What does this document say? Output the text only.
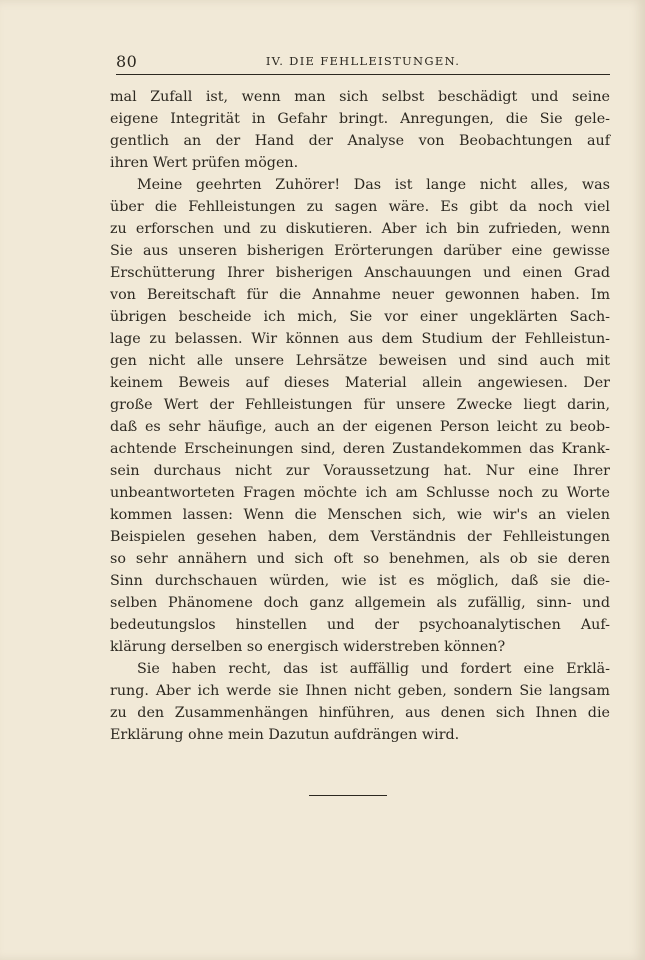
80	IV. DIE FEHLLEISTUNGEN.
mal Zufall ist, wenn man sich selbst beschädigt und seine
eigene Integrität in Gefahr bringt. Anregungen, die Sie gele-
gentlich an der Hand der Analyse von Beobachtungen auf
ihren Wert prüfen mögen.
Meine geehrten Zuhörer! Das ist lange nicht alles, was
über die Fehlleistungen zu sagen wäre. Es gibt da noch viel
zu erforschen und zu diskutieren. Aber ich bin zufrieden, wenn
Sie aus unseren bisherigen Erörterungen darüber eine gewisse
Erschütterung Ihrer bisherigen Anschauungen und einen Grad
von Bereitschaft für die Annahme neuer gewonnen haben. Im
übrigen bescheide ich mich, Sie vor einer ungeklärten Sach-
lage zu belassen. Wir können aus dem Studium der Fehlleistun-
gen nicht alle unsere Lehrsätze beweisen und sind auch mit
keinem Beweis auf dieses Material allein angewiesen. Der
große Wert der Fehlleistungen für unsere Zwecke liegt darin,
daß es sehr häufige, auch an der eigenen Person leicht zu beob-
achtende Erscheinungen sind, deren Zustandekommen das Krank-
sein durchaus nicht zur Voraussetzung hat. Nur eine Ihrer
unbeantworteten Fragen möchte ich am Schlusse noch zu Worte
kommen lassen: Wenn die Menschen sich, wie wir's an vielen
Beispielen gesehen haben, dem Verständnis der Fehlleistungen
so sehr annähern und sich oft so benehmen, als ob sie deren
Sinn durchschauen würden, wie ist es möglich, daß sie die-
selben Phänomene doch ganz allgemein als zufällig, sinn- und
bedeutungslos hinstellen und der psychoanalytischen Auf-
klärung derselben so energisch widerstreben können?
Sie haben recht, das ist auffällig und fordert eine Erklä-
rung. Aber ich werde sie Ihnen nicht geben, sondern Sie langsam
zu den Zusammenhängen hinführen, aus denen sich Ihnen die
Erklärung ohne mein Dazutun aufdrängen wird.
